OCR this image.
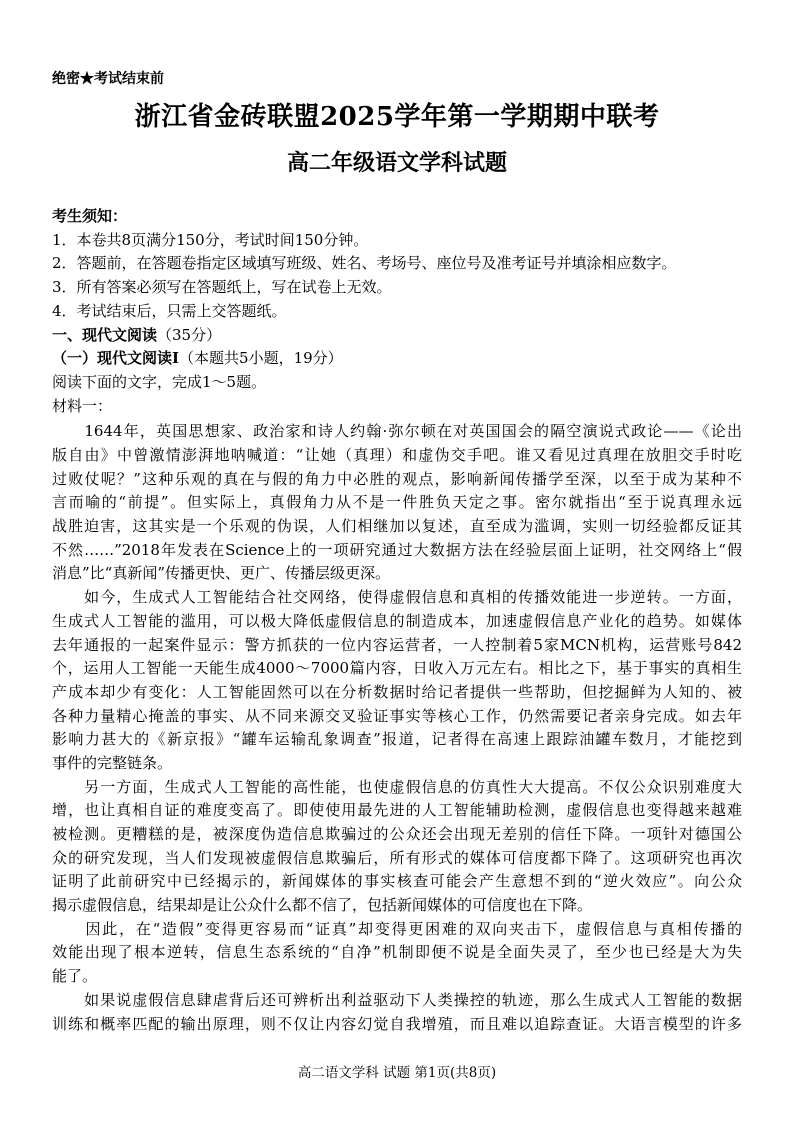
绝密★考试结束前
浙江省金砖联盟2025学年第一学期期中联考
高二年级语文学科试题
考生须知：
1．本卷共8页满分150分，考试时间150分钟。
2．答题前，在答题卷指定区域填写班级、姓名、考场号、座位号及准考证号并填涂相应数字。
3．所有答案必须写在答题纸上，写在试卷上无效。
4．考试结束后，只需上交答题纸。
一、现代文阅读（35分）
（一）现代文阅读Ⅰ（本题共5小题，19分）
阅读下面的文字，完成1～5题。
材料一：
　　1644年，英国思想家、政治家和诗人约翰·弥尔顿在对英国国会的隔空演说式政论——《论出
版自由》中曾激情澎湃地呐喊道：“让她（真理）和虚伪交手吧。谁又看见过真理在放胆交手时吃
过败仗呢？”这种乐观的真在与假的角力中必胜的观点，影响新闻传播学至深，以至于成为某种不
言而喻的“前提”。但实际上，真假角力从不是一件胜负天定之事。密尔就指出“至于说真理永远
战胜迫害，这其实是一个乐观的伪误，人们相继加以复述，直至成为滥调，实则一切经验都反证其
不然……”2018年发表在Science上的一项研究通过大数据方法在经验层面上证明，社交网络上“假
消息”比“真新闻”传播更快、更广、传播层级更深。
　　如今，生成式人工智能结合社交网络，使得虚假信息和真相的传播效能进一步逆转。一方面，
生成式人工智能的滥用，可以极大降低虚假信息的制造成本，加速虚假信息产业化的趋势。如媒体
去年通报的一起案件显示：警方抓获的一位内容运营者，一人控制着5家MCN机构，运营账号842
个，运用人工智能一天能生成4000～7000篇内容，日收入万元左右。相比之下，基于事实的真相生
产成本却少有变化：人工智能固然可以在分析数据时给记者提供一些帮助，但挖掘鲜为人知的、被
各种力量精心掩盖的事实、从不同来源交叉验证事实等核心工作，仍然需要记者亲身完成。如去年
影响力甚大的《新京报》“罐车运输乱象调查”报道，记者得在高速上跟踪油罐车数月，才能挖到
事件的完整链条。
　　另一方面，生成式人工智能的高性能，也使虚假信息的仿真性大大提高。不仅公众识别难度大
增，也让真相自证的难度变高了。即使使用最先进的人工智能辅助检测，虚假信息也变得越来越难
被检测。更糟糕的是，被深度伪造信息欺骗过的公众还会出现无差别的信任下降。一项针对德国公
众的研究发现，当人们发现被虚假信息欺骗后，所有形式的媒体可信度都下降了。这项研究也再次
证明了此前研究中已经揭示的，新闻媒体的事实核查可能会产生意想不到的“逆火效应”。向公众
揭示虚假信息，结果却是让公众什么都不信了，包括新闻媒体的可信度也在下降。
　　因此，在“造假”变得更容易而“证真”却变得更困难的双向夹击下，虚假信息与真相传播的
效能出现了根本逆转，信息生态系统的“自净”机制即便不说是全面失灵了，至少也已经是大为失
能了。
　　如果说虚假信息肆虐背后还可辨析出利益驱动下人类操控的轨迹，那么生成式人工智能的数据
训练和概率匹配的输出原理，则不仅让内容幻觉自我增殖，而且难以追踪查证。大语言模型的许多
高二语文学科 试题 第1页(共8页)
